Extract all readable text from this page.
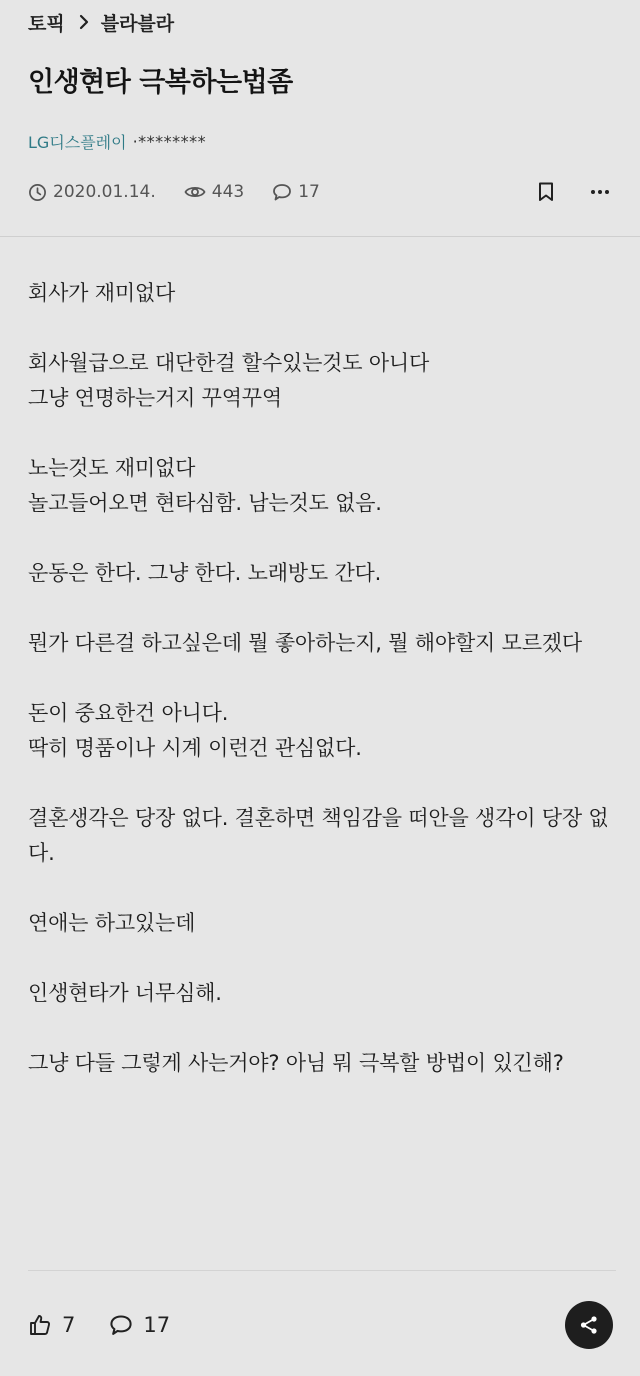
토픽 블라블라
인생현타 극복하는법좀
LG디스플레이 ·********
2020.01.14.	443	17

회사가 재미없다

회사월급으로 대단한걸 할수있는것도 아니다
그냥 연명하는거지 꾸역꾸역

노는것도 재미없다
놀고들어오면 현타심함. 남는것도 없음.

운동은 한다. 그냥 한다. 노래방도 간다.

뭔가 다른걸 하고싶은데 뭘 좋아하는지, 뭘 해야할지 모르겠다

돈이 중요한건 아니다.
딱히 명품이나 시계 이런건 관심없다.

결혼생각은 당장 없다. 결혼하면 책임감을 떠안을 생각이 당장 없다.

연애는 하고있는데

인생현타가 너무심해.

그냥 다들 그렇게 사는거야? 아님 뭐 극복할 방법이 있긴해?

7	17
